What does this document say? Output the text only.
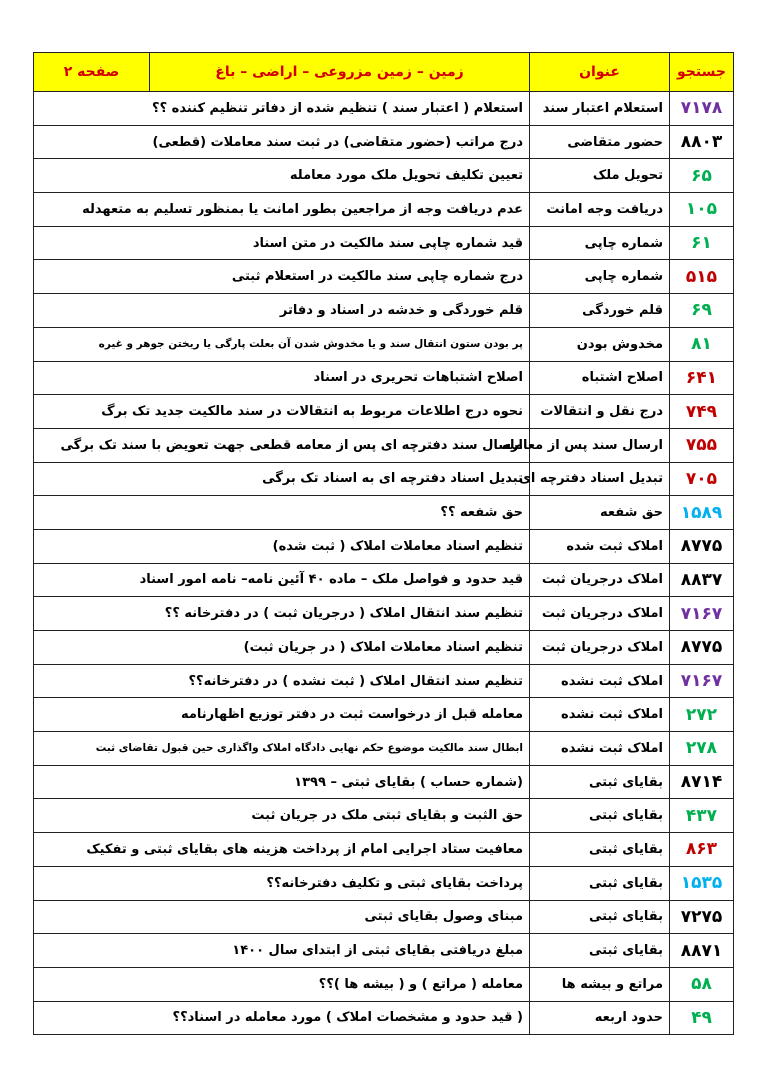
جستجو	عنوان	زمین – زمین مزروعی – اراضی – باغ	صفحه ۲
۷۱۷۸	استعلام اعتبار سند	استعلام ( اعتبار سند ) تنظیم شده از دفاتر تنظیم کننده ؟؟	
۸۸۰۳	حضور متقاضی	درج مراتب (حضور متقاضی) در ثبت سند معاملات (قطعی)	
۶۵	تحویل ملک	تعیین تکلیف تحویل ملک مورد معامله	
۱۰۵	دریافت وجه امانت	عدم دریافت وجه از مراجعین بطور امانت یا بمنظور تسلیم به متعهدله	
۶۱	شماره چاپی	قید شماره چاپی سند مالکیت در متن اسناد	
۵۱۵	شماره چاپی	درج شماره چاپی سند مالکیت در استعلام ثبتی	
۶۹	قلم خوردگی	قلم خوردگی و خدشه در اسناد و دفاتر	
۸۱	مخدوش بودن	پر بودن ستون انتقال سند و یا مخدوش شدن آن بعلت پارگی یا ریختن جوهر و غیره	
۶۴۱	اصلاح اشتباه	اصلاح اشتباهات تحریری در اسناد	
۷۴۹	درج نقل و انتقالات	نحوه درج اطلاعات مربوط به انتقالات در سند مالکیت جدید تک برگ	
۷۵۵	ارسال سند پس از معامله	ارسال سند دفترچه ای پس از معامه قطعی جهت تعویض با سند تک برگی	
۷۰۵	تبدیل اسناد دفترچه ای	تبدیل اسناد دفترچه ای به اسناد تک برگی	
۱۵۸۹	حق شفعه	حق شفعه ؟؟	
۸۷۷۵	املاک ثبت شده	تنظیم اسناد معاملات املاک ( ثبت شده)	
۸۸۳۷	املاک درجریان ثبت	قید حدود و فواصل ملک – ماده ۴۰ آئین نامه– نامه امور اسناد	
۷۱۶۷	املاک درجریان ثبت	تنظیم سند انتقال املاک ( درجریان ثبت ) در دفترخانه ؟؟	
۸۷۷۵	املاک درجریان ثبت	تنظیم اسناد معاملات املاک ( در جریان ثبت)	
۷۱۶۷	املاک ثبت نشده	تنظیم سند انتقال املاک ( ثبت نشده ) در دفترخانه؟؟	
۲۷۲	املاک ثبت نشده	معامله قبل از درخواست ثبت در دفتر توزیع اظهارنامه	
۲۷۸	املاک ثبت نشده	ابطال سند مالکیت موضوع حکم نهایی دادگاه املاک واگذاری حین قبول تقاضای ثبت	
۸۷۱۴	بقایای ثبتی	(شماره حساب ) بقایای ثبتی – ۱۳۹۹	
۴۳۷	بقایای ثبتی	حق الثبت و بقایای ثبتی ملک در جریان ثبت	
۸۶۳	بقایای ثبتی	معافیت ستاد اجرایی امام از پرداخت هزینه های بقایای ثبتی و تفکیک	
۱۵۳۵	بقایای ثبتی	پرداخت بقایای ثبتی و تکلیف دفترخانه؟؟	
۷۲۷۵	بقایای ثبتی	مبنای وصول بقایای ثبتی	
۸۸۷۱	بقایای ثبتی	مبلغ دریافتی بقایای ثبتی از ابتدای سال ۱۴۰۰	
۵۸	مراتع و بیشه ها	معامله ( مراتع ) و ( بیشه ها )؟؟	
۴۹	حدود اربعه	( قید حدود و مشخصات املاک ) مورد معامله در اسناد؟؟	
